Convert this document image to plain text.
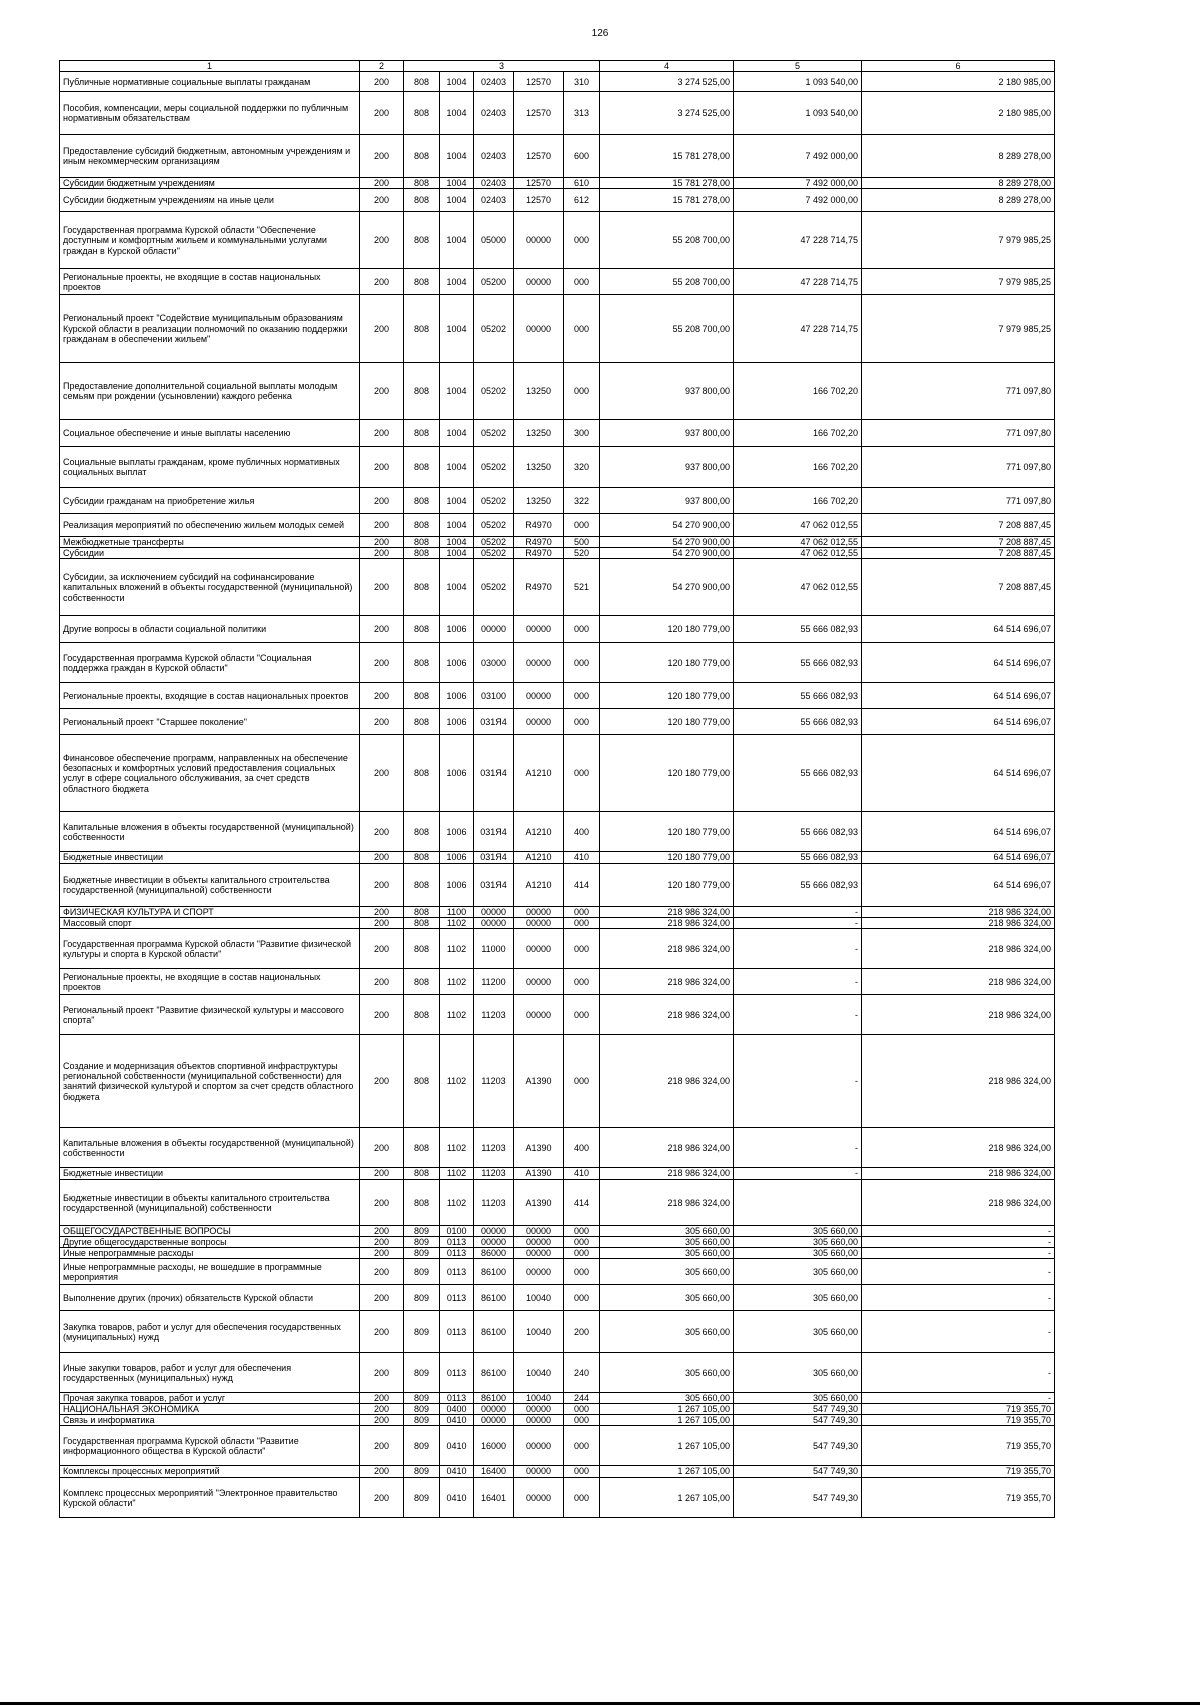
126
1	2	3					4	5	6
Публичные нормативные социальные выплаты гражданам	200	808	1004	02403	12570	310	3 274 525,00	1 093 540,00	2 180 985,00
Пособия, компенсации, меры социальной поддержки по публичным нормативным обязательствам	200	808	1004	02403	12570	313	3 274 525,00	1 093 540,00	2 180 985,00
Предоставление субсидий бюджетным, автономным учреждениям и иным некоммерческим организациям	200	808	1004	02403	12570	600	15 781 278,00	7 492 000,00	8 289 278,00
Субсидии бюджетным учреждениям	200	808	1004	02403	12570	610	15 781 278,00	7 492 000,00	8 289 278,00
Субсидии бюджетным учреждениям на иные цели	200	808	1004	02403	12570	612	15 781 278,00	7 492 000,00	8 289 278,00
Государственная программа Курской области "Обеспечение доступным и комфортным жильем и коммунальными услугами граждан в Курской области"	200	808	1004	05000	00000	000	55 208 700,00	47 228 714,75	7 979 985,25
Региональные проекты, не входящие в состав национальных проектов	200	808	1004	05200	00000	000	55 208 700,00	47 228 714,75	7 979 985,25
Региональный проект "Содействие муниципальным образованиям Курской области в реализации полномочий по оказанию поддержки гражданам в обеспечении жильем"	200	808	1004	05202	00000	000	55 208 700,00	47 228 714,75	7 979 985,25
Предоставление дополнительной социальной выплаты молодым семьям при рождении (усыновлении) каждого ребенка	200	808	1004	05202	13250	000	937 800,00	166 702,20	771 097,80
Социальное обеспечение и иные выплаты населению	200	808	1004	05202	13250	300	937 800,00	166 702,20	771 097,80
Социальные выплаты гражданам, кроме публичных нормативных социальных выплат	200	808	1004	05202	13250	320	937 800,00	166 702,20	771 097,80
Субсидии гражданам на приобретение жилья	200	808	1004	05202	13250	322	937 800,00	166 702,20	771 097,80
Реализация мероприятий по обеспечению жильем молодых семей	200	808	1004	05202	R4970	000	54 270 900,00	47 062 012,55	7 208 887,45
Межбюджетные трансферты	200	808	1004	05202	R4970	500	54 270 900,00	47 062 012,55	7 208 887,45
Субсидии	200	808	1004	05202	R4970	520	54 270 900,00	47 062 012,55	7 208 887,45
Субсидии, за исключением субсидий на софинансирование капитальных вложений в объекты государственной (муниципальной) собственности	200	808	1004	05202	R4970	521	54 270 900,00	47 062 012,55	7 208 887,45
Другие вопросы в области социальной политики	200	808	1006	00000	00000	000	120 180 779,00	55 666 082,93	64 514 696,07
Государственная программа Курской области "Социальная поддержка граждан в Курской области"	200	808	1006	03000	00000	000	120 180 779,00	55 666 082,93	64 514 696,07
Региональные проекты, входящие в состав национальных проектов	200	808	1006	03100	00000	000	120 180 779,00	55 666 082,93	64 514 696,07
Региональный проект "Старшее поколение"	200	808	1006	031Я4	00000	000	120 180 779,00	55 666 082,93	64 514 696,07
Финансовое обеспечение программ, направленных на обеспечение безопасных и комфортных условий предоставления социальных услуг в сфере социального обслуживания, за счет средств областного бюджета	200	808	1006	031Я4	А1210	000	120 180 779,00	55 666 082,93	64 514 696,07
Капитальные вложения в объекты государственной (муниципальной) собственности	200	808	1006	031Я4	А1210	400	120 180 779,00	55 666 082,93	64 514 696,07
Бюджетные инвестиции	200	808	1006	031Я4	А1210	410	120 180 779,00	55 666 082,93	64 514 696,07
Бюджетные инвестиции в объекты капитального строительства государственной (муниципальной) собственности	200	808	1006	031Я4	А1210	414	120 180 779,00	55 666 082,93	64 514 696,07
ФИЗИЧЕСКАЯ КУЛЬТУРА И СПОРТ	200	808	1100	00000	00000	000	218 986 324,00	-	218 986 324,00
Массовый спорт	200	808	1102	00000	00000	000	218 986 324,00	-	218 986 324,00
Государственная программа Курской области "Развитие физической культуры и спорта в Курской области"	200	808	1102	11000	00000	000	218 986 324,00	-	218 986 324,00
Региональные проекты, не входящие в состав национальных проектов	200	808	1102	11200	00000	000	218 986 324,00	-	218 986 324,00
Региональный проект "Развитие физической культуры и массового спорта"	200	808	1102	11203	00000	000	218 986 324,00	-	218 986 324,00
Создание и модернизация объектов спортивной инфраструктуры региональной собственности (муниципальной собственности) для занятий физической культурой и спортом за счет средств областного бюджета	200	808	1102	11203	А1390	000	218 986 324,00	-	218 986 324,00
Капитальные вложения в объекты государственной (муниципальной) собственности	200	808	1102	11203	А1390	400	218 986 324,00	-	218 986 324,00
Бюджетные инвестиции	200	808	1102	11203	А1390	410	218 986 324,00	-	218 986 324,00
Бюджетные инвестиции в объекты капитального строительства государственной (муниципальной) собственности	200	808	1102	11203	А1390	414	218 986 324,00		218 986 324,00
ОБЩЕГОСУДАРСТВЕННЫЕ ВОПРОСЫ	200	809	0100	00000	00000	000	305 660,00	305 660,00	-
Другие общегосударственные вопросы	200	809	0113	00000	00000	000	305 660,00	305 660,00	-
Иные непрограммные расходы	200	809	0113	86000	00000	000	305 660,00	305 660,00	-
Иные непрограммные расходы, не вошедшие в программные мероприятия	200	809	0113	86100	00000	000	305 660,00	305 660,00	-
Выполнение других (прочих) обязательств Курской области	200	809	0113	86100	10040	000	305 660,00	305 660,00	-
Закупка товаров, работ и услуг для обеспечения государственных (муниципальных) нужд	200	809	0113	86100	10040	200	305 660,00	305 660,00	-
Иные закупки товаров, работ и услуг для обеспечения государственных (муниципальных) нужд	200	809	0113	86100	10040	240	305 660,00	305 660,00	-
Прочая закупка товаров, работ и услуг	200	809	0113	86100	10040	244	305 660,00	305 660,00	-
НАЦИОНАЛЬНАЯ ЭКОНОМИКА	200	809	0400	00000	00000	000	1 267 105,00	547 749,30	719 355,70
Связь и информатика	200	809	0410	00000	00000	000	1 267 105,00	547 749,30	719 355,70
Государственная программа Курской области "Развитие информационного общества в Курской области"	200	809	0410	16000	00000	000	1 267 105,00	547 749,30	719 355,70
Комплексы процессных мероприятий	200	809	0410	16400	00000	000	1 267 105,00	547 749,30	719 355,70
Комплекс процессных мероприятий "Электронное правительство Курской области"	200	809	0410	16401	00000	000	1 267 105,00	547 749,30	719 355,70
